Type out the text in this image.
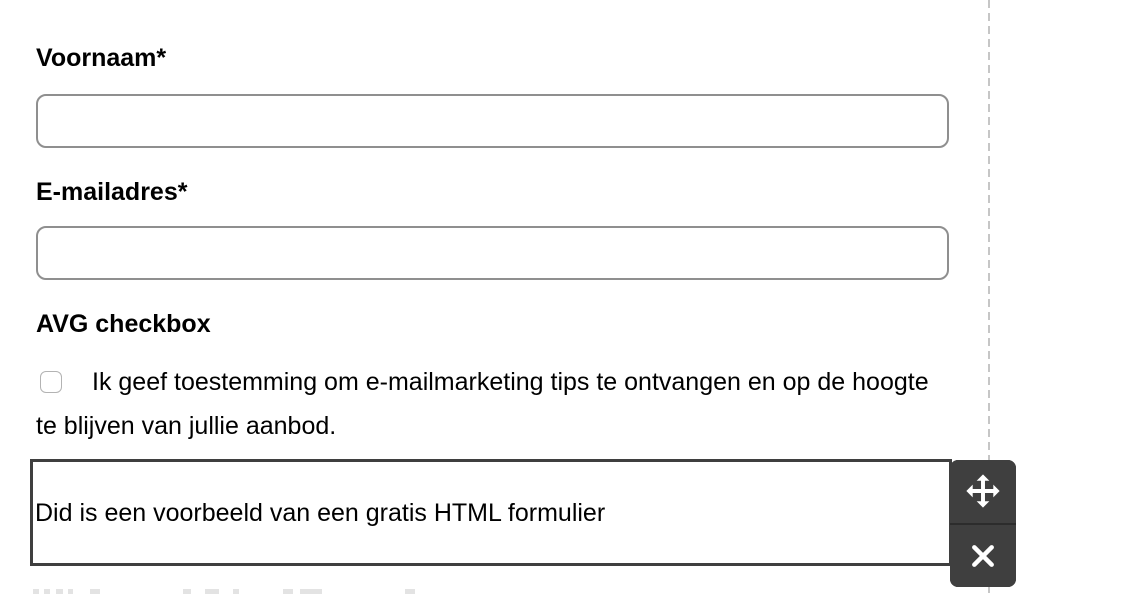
Voornaam*
E-mailadres*
AVG checkbox
Ik geef toestemming om e-mailmarketing tips te ontvangen en op de hoogte te blijven van jullie aanbod.
Did is een voorbeeld van een gratis HTML formulier
